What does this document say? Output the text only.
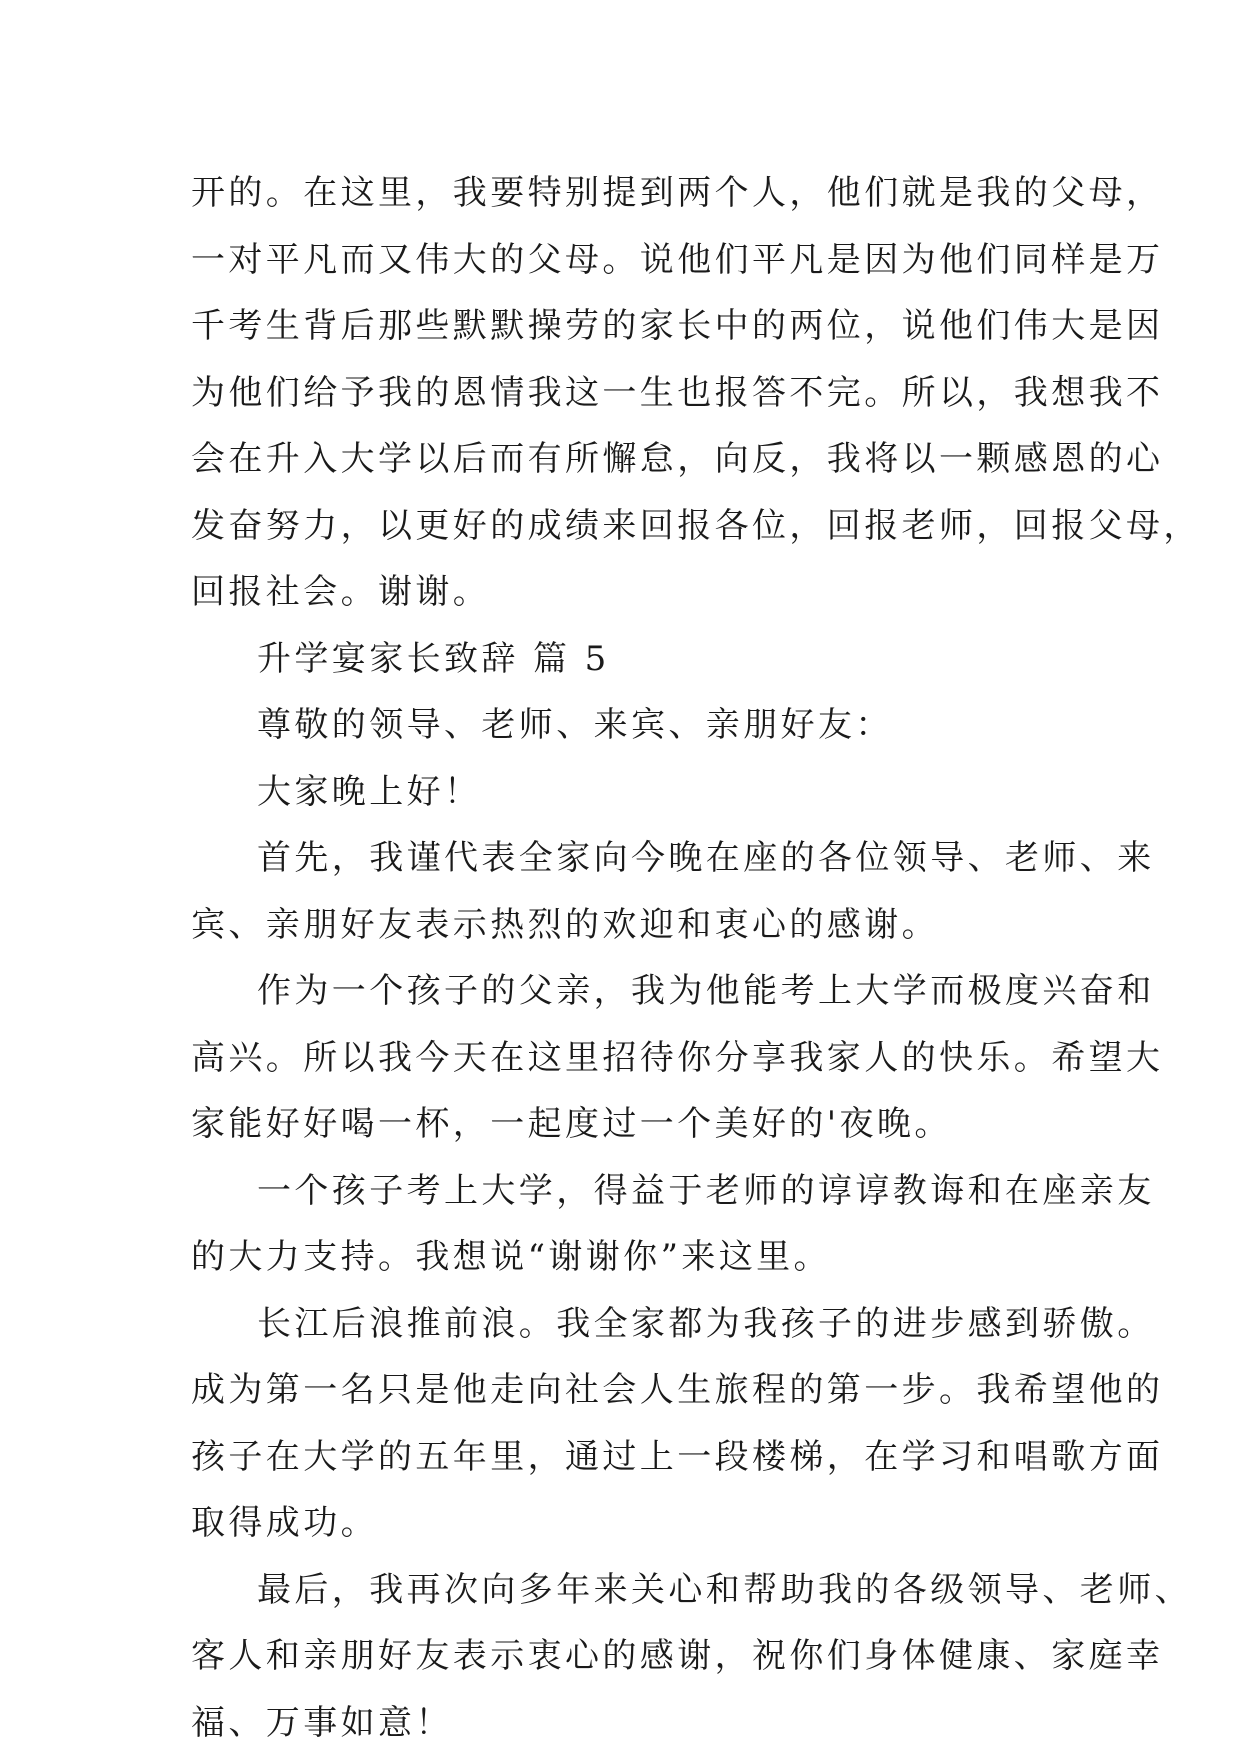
开的。在这里，我要特别提到两个人，他们就是我的父母，

一对平凡而又伟大的父母。说他们平凡是因为他们同样是万

千考生背后那些默默操劳的家长中的两位，说他们伟大是因

为他们给予我的恩情我这一生也报答不完。所以，我想我不

会在升入大学以后而有所懈怠，向反，我将以一颗感恩的心

发奋努力，以更好的成绩来回报各位，回报老师，回报父母，

回报社会。谢谢。

升学宴家长致辞 篇 5

尊敬的领导、老师、来宾、亲朋好友：

大家晚上好！

首先，我谨代表全家向今晚在座的各位领导、老师、来

宾、亲朋好友表示热烈的欢迎和衷心的感谢。

作为一个孩子的父亲，我为他能考上大学而极度兴奋和

高兴。所以我今天在这里招待你分享我家人的快乐。希望大

家能好好喝一杯，一起度过一个美好的'夜晚。

一个孩子考上大学，得益于老师的谆谆教诲和在座亲友

的大力支持。我想说“谢谢你”来这里。

长江后浪推前浪。我全家都为我孩子的进步感到骄傲。

成为第一名只是他走向社会人生旅程的第一步。我希望他的

孩子在大学的五年里，通过上一段楼梯，在学习和唱歌方面

取得成功。

最后，我再次向多年来关心和帮助我的各级领导、老师、

客人和亲朋好友表示衷心的感谢，祝你们身体健康、家庭幸

福、万事如意！
